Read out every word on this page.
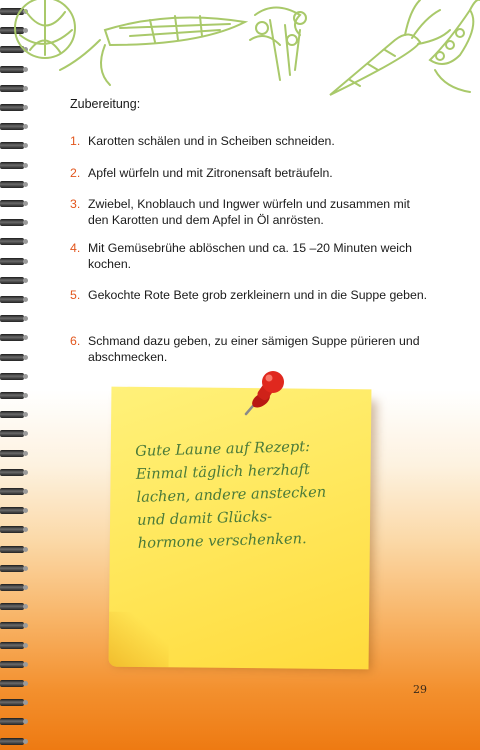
Zubereitung:
1. Karotten schälen und in Scheiben schneiden.
2. Apfel würfeln und mit Zitronensaft beträufeln.
3. Zwiebel, Knoblauch und Ingwer würfeln und zusammen mit den Karotten und dem Apfel in Öl anrösten.
4. Mit Gemüsebrühe ablöschen und ca. 15 –20 Minuten weich kochen.
5. Gekochte Rote Bete grob zerkleinern und in die Suppe geben.
6. Schmand dazu geben, zu einer sämigen Suppe pürieren und abschmecken.
Gute Laune auf Rezept:
Einmal täglich herzhaft
lachen, andere anstecken
und damit Glücks-
hormone verschenken.
29
